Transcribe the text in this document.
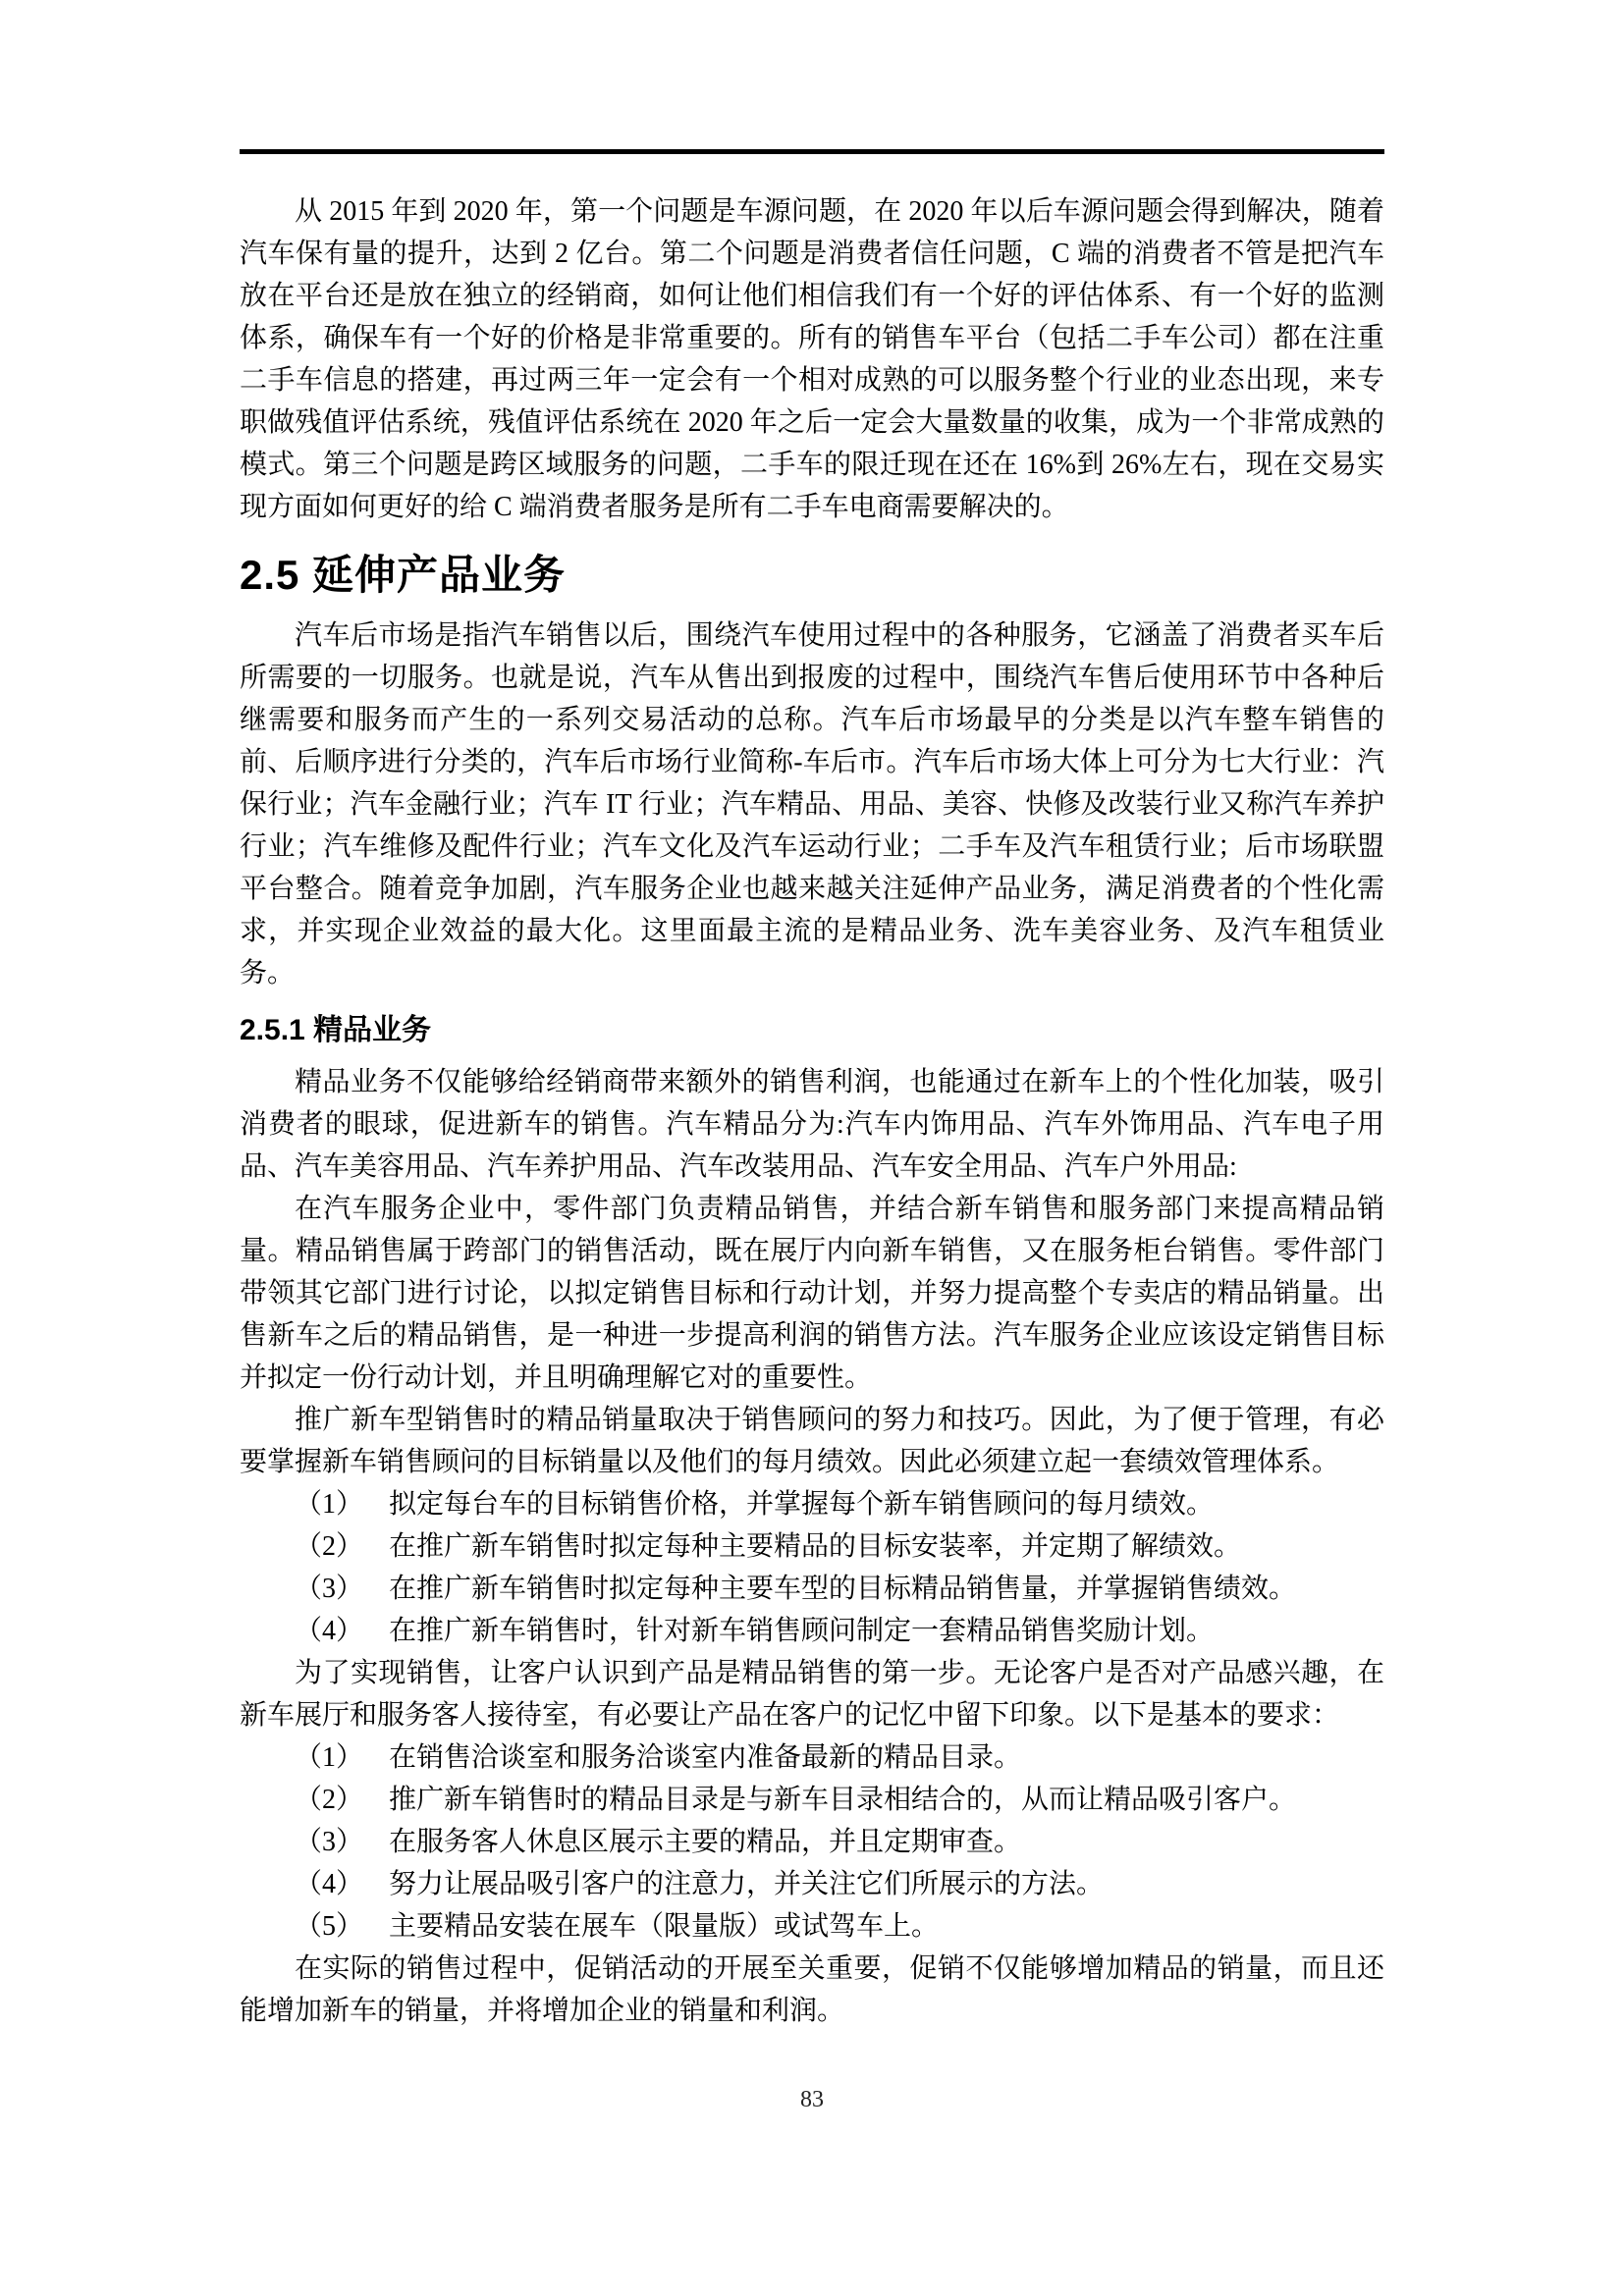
从 2015 年到 2020 年，第一个问题是车源问题，在 2020 年以后车源问题会得到解决，随着汽车保有量的提升，达到 2 亿台。第二个问题是消费者信任问题，C 端的消费者不管是把汽车放在平台还是放在独立的经销商，如何让他们相信我们有一个好的评估体系、有一个好的监测体系，确保车有一个好的价格是非常重要的。所有的销售车平台（包括二手车公司）都在注重二手车信息的搭建，再过两三年一定会有一个相对成熟的可以服务整个行业的业态出现，来专职做残值评估系统，残值评估系统在 2020 年之后一定会大量数量的收集，成为一个非常成熟的模式。第三个问题是跨区域服务的问题，二手车的限迁现在还在 16%到 26%左右，现在交易实现方面如何更好的给 C 端消费者服务是所有二手车电商需要解决的。

2.5 延伸产品业务

汽车后市场是指汽车销售以后，围绕汽车使用过程中的各种服务，它涵盖了消费者买车后所需要的一切服务。也就是说，汽车从售出到报废的过程中，围绕汽车售后使用环节中各种后继需要和服务而产生的一系列交易活动的总称。汽车后市场最早的分类是以汽车整车销售的前、后顺序进行分类的，汽车后市场行业简称-车后市。汽车后市场大体上可分为七大行业：汽保行业；汽车金融行业；汽车 IT 行业；汽车精品、用品、美容、快修及改装行业又称汽车养护行业；汽车维修及配件行业；汽车文化及汽车运动行业；二手车及汽车租赁行业；后市场联盟平台整合。随着竞争加剧，汽车服务企业也越来越关注延伸产品业务，满足消费者的个性化需求，并实现企业效益的最大化。这里面最主流的是精品业务、洗车美容业务、及汽车租赁业务。

2.5.1 精品业务

精品业务不仅能够给经销商带来额外的销售利润，也能通过在新车上的个性化加装，吸引消费者的眼球，促进新车的销售。汽车精品分为:汽车内饰用品、汽车外饰用品、汽车电子用品、汽车美容用品、汽车养护用品、汽车改装用品、汽车安全用品、汽车户外用品:

在汽车服务企业中，零件部门负责精品销售，并结合新车销售和服务部门来提高精品销量。精品销售属于跨部门的销售活动，既在展厅内向新车销售，又在服务柜台销售。零件部门带领其它部门进行讨论，以拟定销售目标和行动计划，并努力提高整个专卖店的精品销量。出售新车之后的精品销售，是一种进一步提高利润的销售方法。汽车服务企业应该设定销售目标并拟定一份行动计划，并且明确理解它对的重要性。

推广新车型销售时的精品销量取决于销售顾问的努力和技巧。因此，为了便于管理，有必要掌握新车销售顾问的目标销量以及他们的每月绩效。因此必须建立起一套绩效管理体系。

（1） 拟定每台车的目标销售价格，并掌握每个新车销售顾问的每月绩效。
（2） 在推广新车销售时拟定每种主要精品的目标安装率，并定期了解绩效。
（3） 在推广新车销售时拟定每种主要车型的目标精品销售量，并掌握销售绩效。
（4） 在推广新车销售时，针对新车销售顾问制定一套精品销售奖励计划。

为了实现销售，让客户认识到产品是精品销售的第一步。无论客户是否对产品感兴趣，在新车展厅和服务客人接待室，有必要让产品在客户的记忆中留下印象。以下是基本的要求：

（1） 在销售洽谈室和服务洽谈室内准备最新的精品目录。
（2） 推广新车销售时的精品目录是与新车目录相结合的，从而让精品吸引客户。
（3） 在服务客人休息区展示主要的精品，并且定期审查。
（4） 努力让展品吸引客户的注意力，并关注它们所展示的方法。
（5） 主要精品安装在展车（限量版）或试驾车上。

在实际的销售过程中，促销活动的开展至关重要，促销不仅能够增加精品的销量，而且还能增加新车的销量，并将增加企业的销量和利润。

83
